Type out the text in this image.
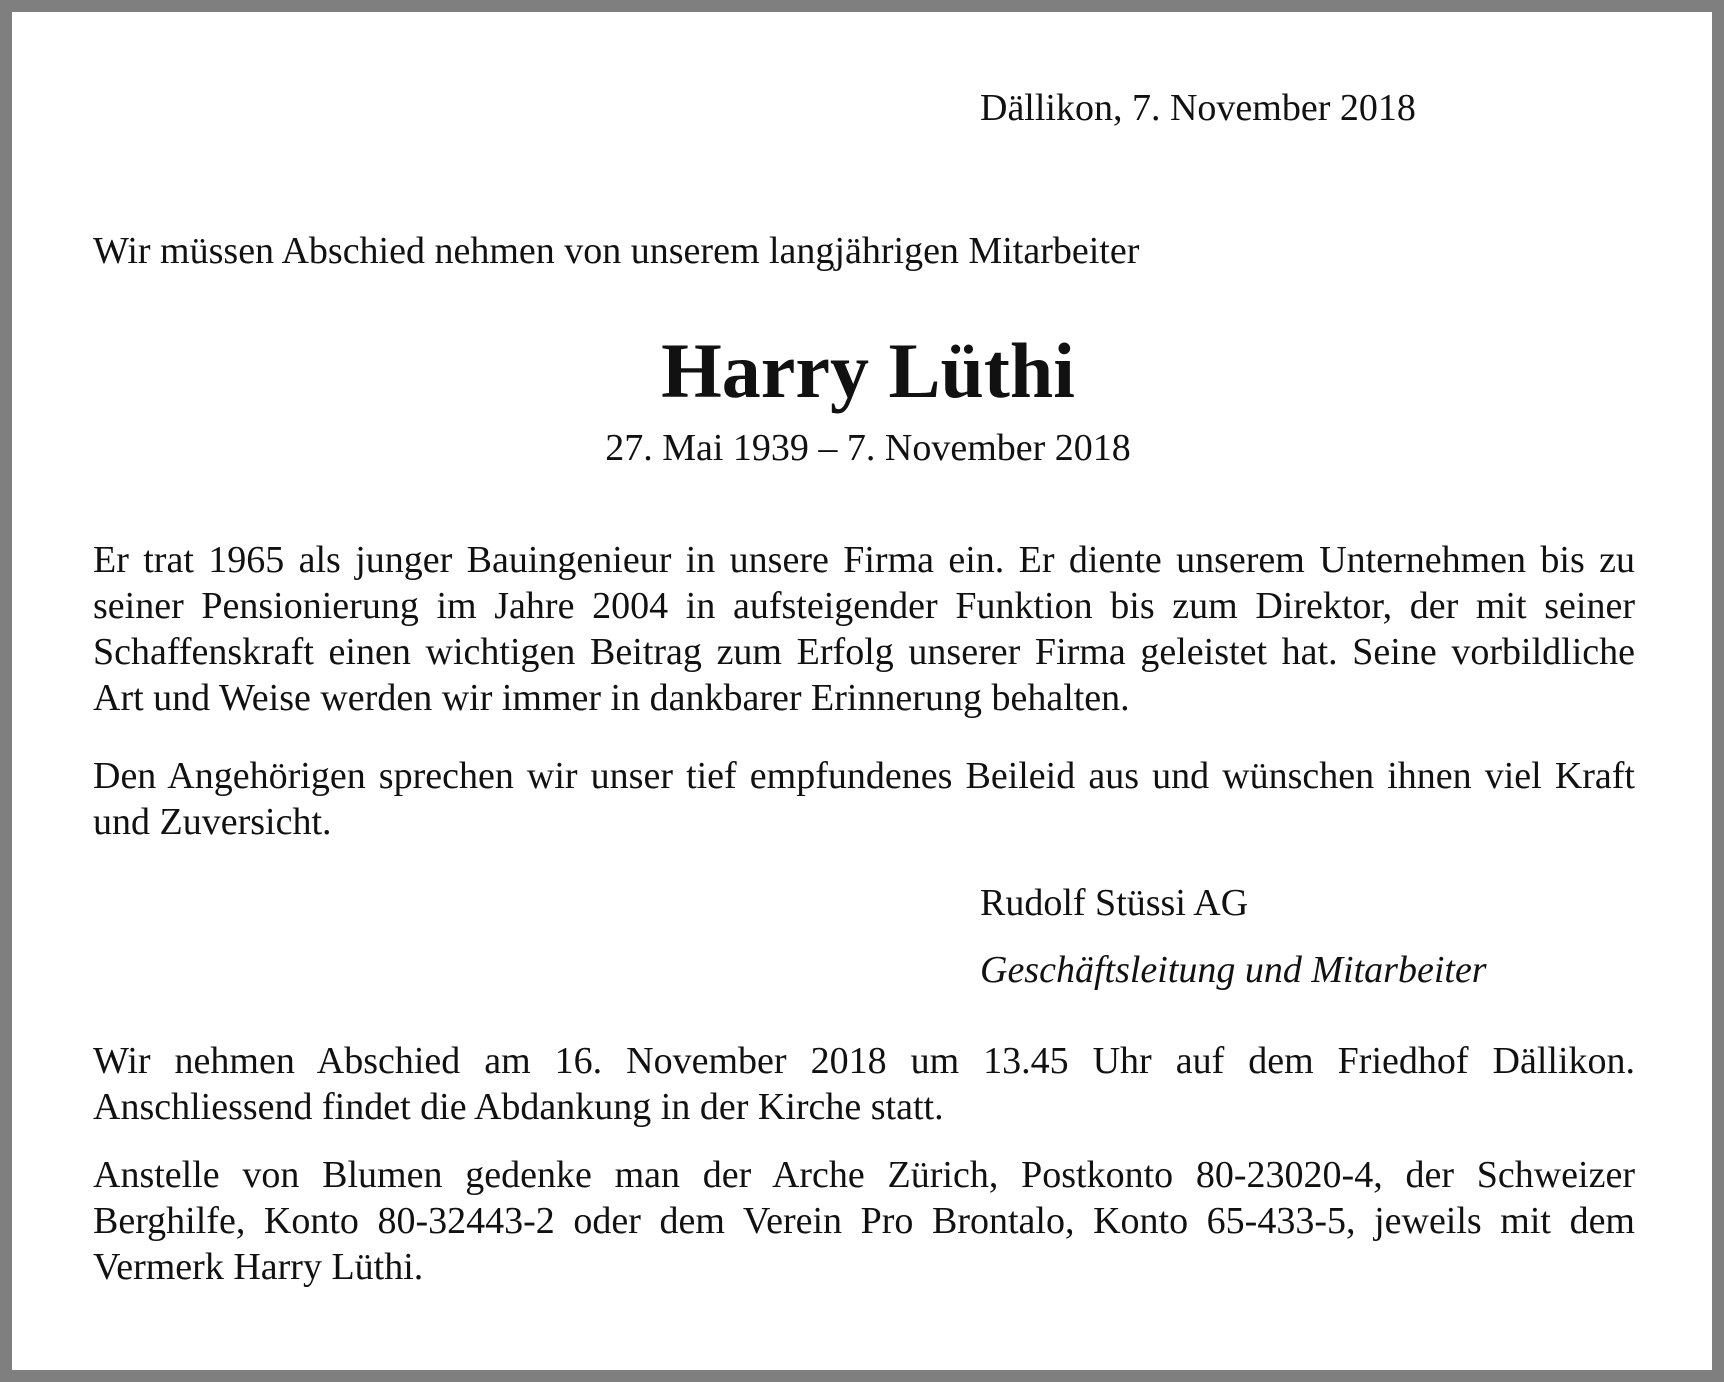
Dällikon, 7. November 2018

Wir müssen Abschied nehmen von unserem langjährigen Mitarbeiter

Harry Lüthi

27. Mai 1939 – 7. November 2018

Er trat 1965 als junger Bauingenieur in unsere Firma ein. Er diente unserem Unternehmen bis zu seiner Pensionierung im Jahre 2004 in aufsteigender Funktion bis zum Direktor, der mit seiner Schaffenskraft einen wichtigen Beitrag zum Erfolg unserer Firma geleistet hat. Seine vorbildliche Art und Weise werden wir immer in dankbarer Erinnerung behalten.

Den Angehörigen sprechen wir unser tief empfundenes Beileid aus und wünschen ihnen viel Kraft und Zuversicht.

Rudolf Stüssi AG

Geschäftsleitung und Mitarbeiter

Wir nehmen Abschied am 16. November 2018 um 13.45 Uhr auf dem Friedhof Dällikon. Anschliessend findet die Abdankung in der Kirche statt.

Anstelle von Blumen gedenke man der Arche Zürich, Postkonto 80-23020-4, der Schweizer Berghilfe, Konto 80-32443-2 oder dem Verein Pro Brontalo, Konto 65-433-5, jeweils mit dem Vermerk Harry Lüthi.
